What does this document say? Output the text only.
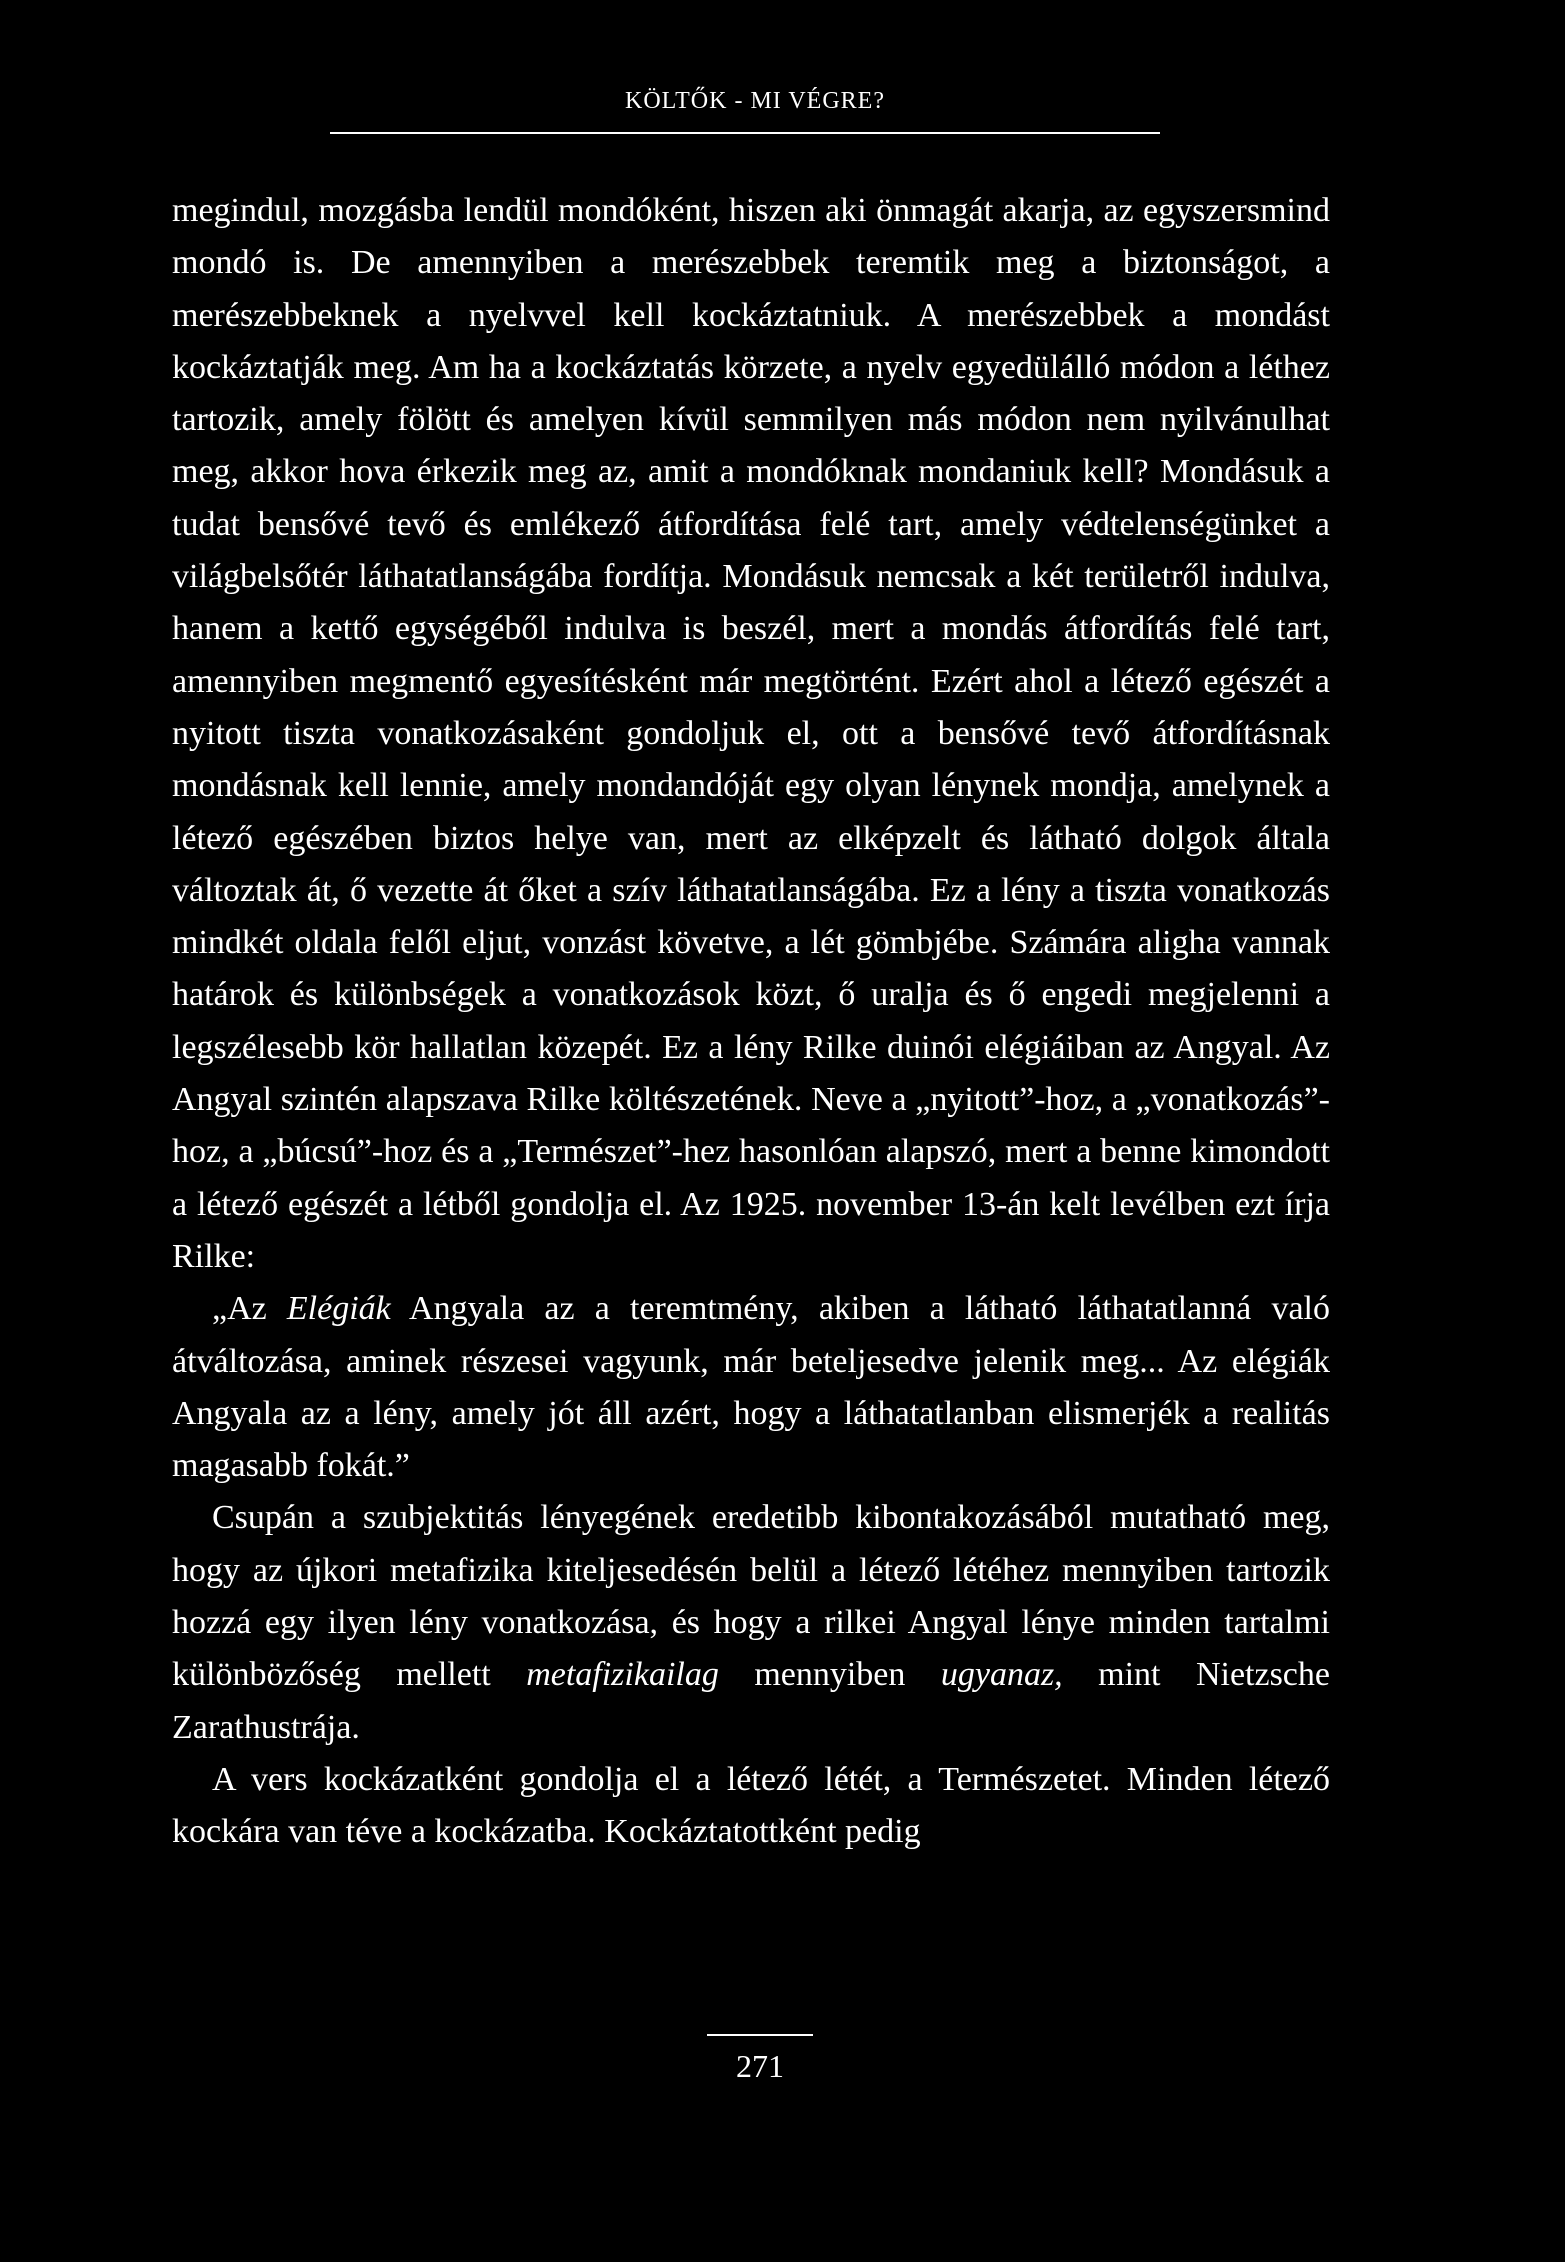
KÖLTŐK - MI VÉGRE?

megindul, mozgásba lendül mondóként, hiszen aki önmagát akarja, az egyszersmind mondó is. De amennyiben a merészebbek teremtik meg a biztonságot, a merészebbeknek a nyelvvel kell kockáztatniuk. A merészebbek a mondást kockáztatják meg. Am ha a kockáztatás körzete, a nyelv egyedülálló módon a léthez tartozik, amely fölött és amelyen kívül semmilyen más módon nem nyilvánulhat meg, akkor hova érkezik meg az, amit a mondóknak mondaniuk kell? Mondásuk a tudat bensővé tevő és emlékező átfordítása felé tart, amely védtelenségünket a világbelsőtér láthatatlanságába fordítja. Mondásuk nemcsak a két területről indulva, hanem a kettő egységéből indulva is beszél, mert a mondás átfordítás felé tart, amennyiben megmentő egyesítésként már megtörtént. Ezért ahol a létező egészét a nyitott tiszta vonatkozásaként gondoljuk el, ott a bensővé tevő átfordításnak mondásnak kell lennie, amely mondandóját egy olyan lénynek mondja, amelynek a létező egészében biztos helye van, mert az elképzelt és látható dolgok általa változtak át, ő vezette át őket a szív láthatatlanságába. Ez a lény a tiszta vonatkozás mindkét oldala felől eljut, vonzást követve, a lét gömbjébe. Számára aligha vannak határok és különbségek a vonatkozások közt, ő uralja és ő engedi megjelenni a legszélesebb kör hallatlan közepét. Ez a lény Rilke duinói elégiáiban az Angyal. Az Angyal szintén alapszava Rilke költészetének. Neve a „nyitott”-hoz, a „vonatkozás”-hoz, a „búcsú”-hoz és a „Természet”-hez hasonlóan alapszó, mert a benne kimondott a létező egészét a létből gondolja el. Az 1925. november 13-án kelt levélben ezt írja Rilke:

„Az Elégiák Angyala az a teremtmény, akiben a látható láthatatlanná való átváltozása, aminek részesei vagyunk, már beteljesedve jelenik meg... Az elégiák Angyala az a lény, amely jót áll azért, hogy a láthatatlanban elismerjék a realitás magasabb fokát.”

Csupán a szubjektitás lényegének eredetibb kibontakozásából mutatható meg, hogy az újkori metafizika kiteljesedésén belül a létező létéhez mennyiben tartozik hozzá egy ilyen lény vonatkozása, és hogy a rilkei Angyal lénye minden tartalmi különbözőség mellett metafizikailag mennyiben ugyanaz, mint Nietzsche Zarathustrája.

A vers kockázatként gondolja el a létező létét, a Természetet. Minden létező kockára van téve a kockázatba. Kockáztatottként pedig

271
